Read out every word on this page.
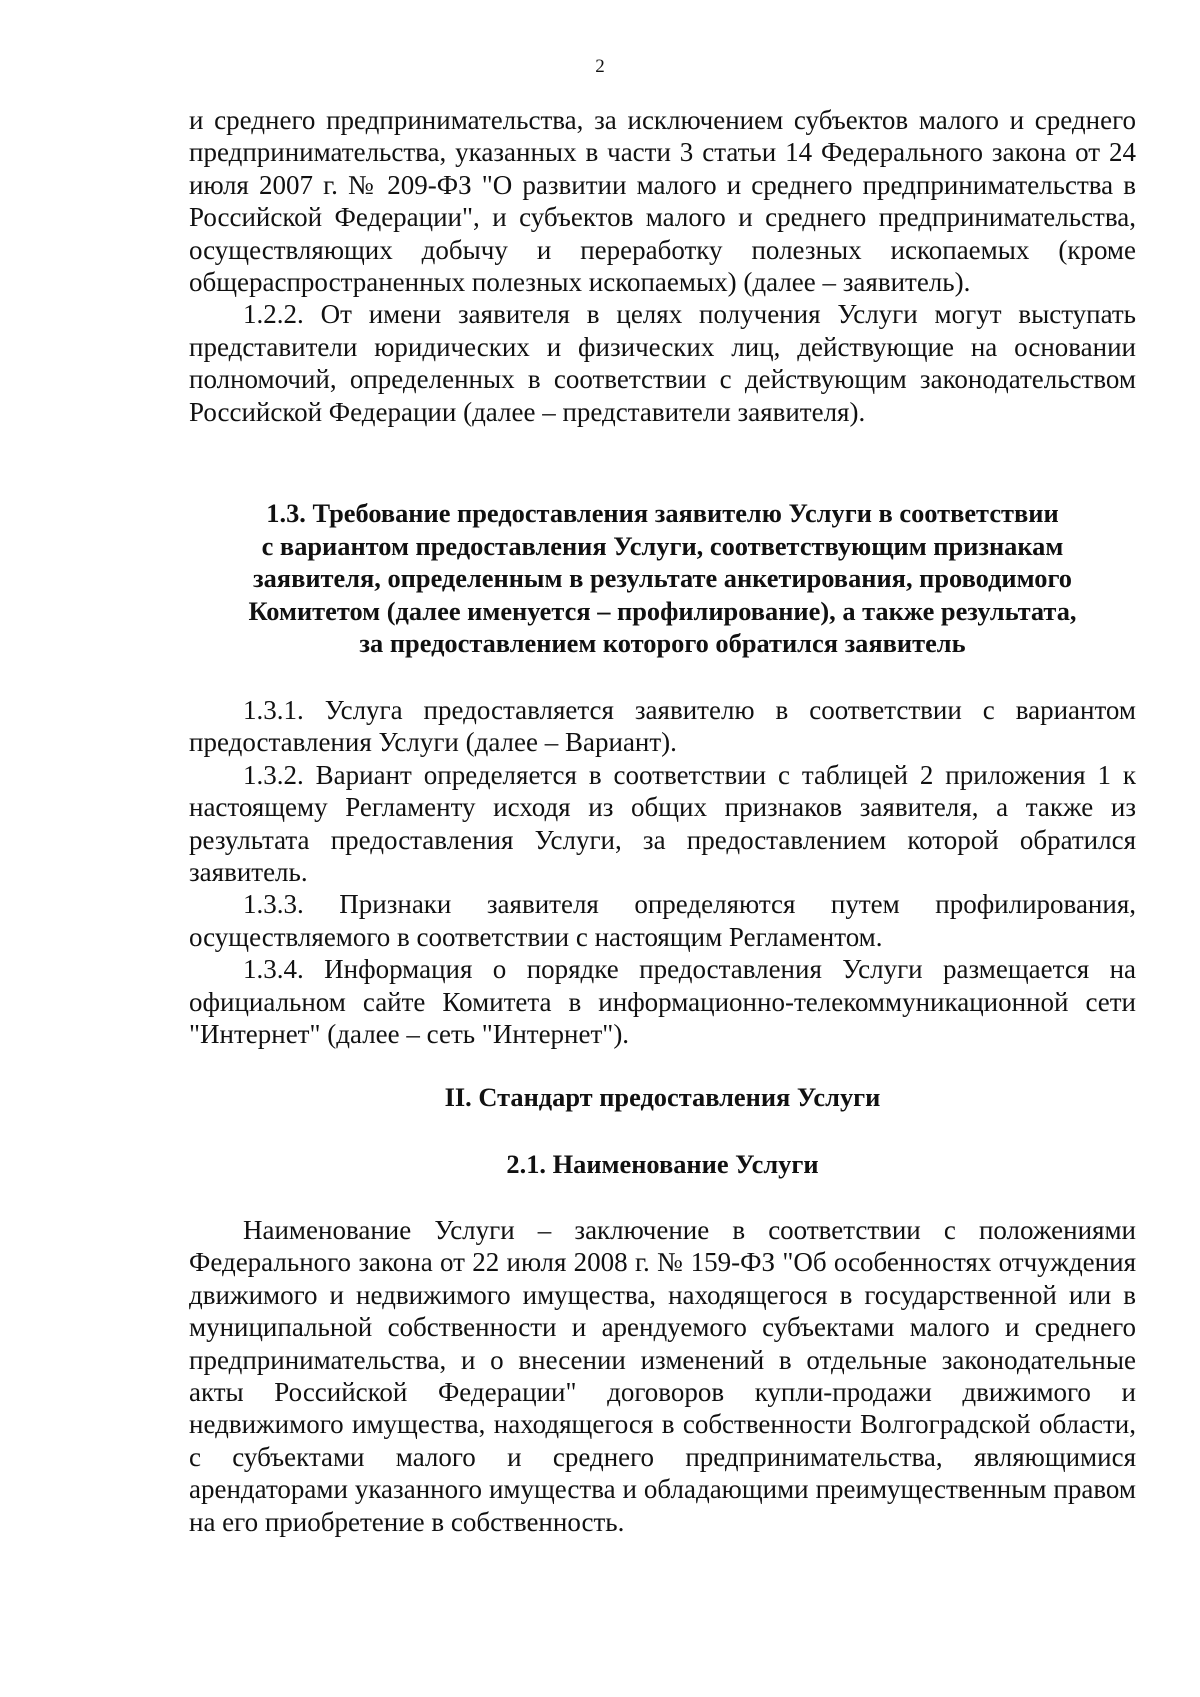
2

и среднего предпринимательства, за исключением субъектов малого и среднего предпринимательства, указанных в части 3 статьи 14 Федерального закона от 24 июля 2007 г. № 209-ФЗ "О развитии малого и среднего предпринимательства в Российской Федерации", и субъектов малого и среднего предпринимательства, осуществляющих добычу и переработку полезных ископаемых (кроме общераспространенных полезных ископаемых) (далее – заявитель).

1.2.2. От имени заявителя в целях получения Услуги могут выступать представители юридических и физических лиц, действующие на основании полномочий, определенных в соответствии с действующим законодательством Российской Федерации (далее – представители заявителя).

1.3. Требование предоставления заявителю Услуги в соответствии
с вариантом предоставления Услуги, соответствующим признакам
заявителя, определенным в результате анкетирования, проводимого
Комитетом (далее именуется – профилирование), а также результата,
за предоставлением которого обратился заявитель

1.3.1. Услуга предоставляется заявителю в соответствии с вариантом предоставления Услуги (далее – Вариант).

1.3.2. Вариант определяется в соответствии с таблицей 2 приложения 1 к настоящему Регламенту исходя из общих признаков заявителя, а также из результата предоставления Услуги, за предоставлением которой обратился заявитель.

1.3.3. Признаки заявителя определяются путем профилирования, осуществляемого в соответствии с настоящим Регламентом.

1.3.4. Информация о порядке предоставления Услуги размещается на официальном сайте Комитета в информационно-телекоммуникационной сети "Интернет" (далее – сеть "Интернет").

II. Стандарт предоставления Услуги
2.1. Наименование Услуги

Наименование Услуги – заключение в соответствии с положениями Федерального закона от 22 июля 2008 г. № 159-ФЗ "Об особенностях отчуждения движимого и недвижимого имущества, находящегося в государственной или в муниципальной собственности и арендуемого субъектами малого и среднего предпринимательства, и о внесении изменений в отдельные законодательные акты Российской Федерации" договоров купли-продажи движимого и недвижимого имущества, находящегося в собственности Волгоградской области, с субъектами малого и среднего предпринимательства, являющимися арендаторами указанного имущества и обладающими преимущественным правом на его приобретение в собственность.
